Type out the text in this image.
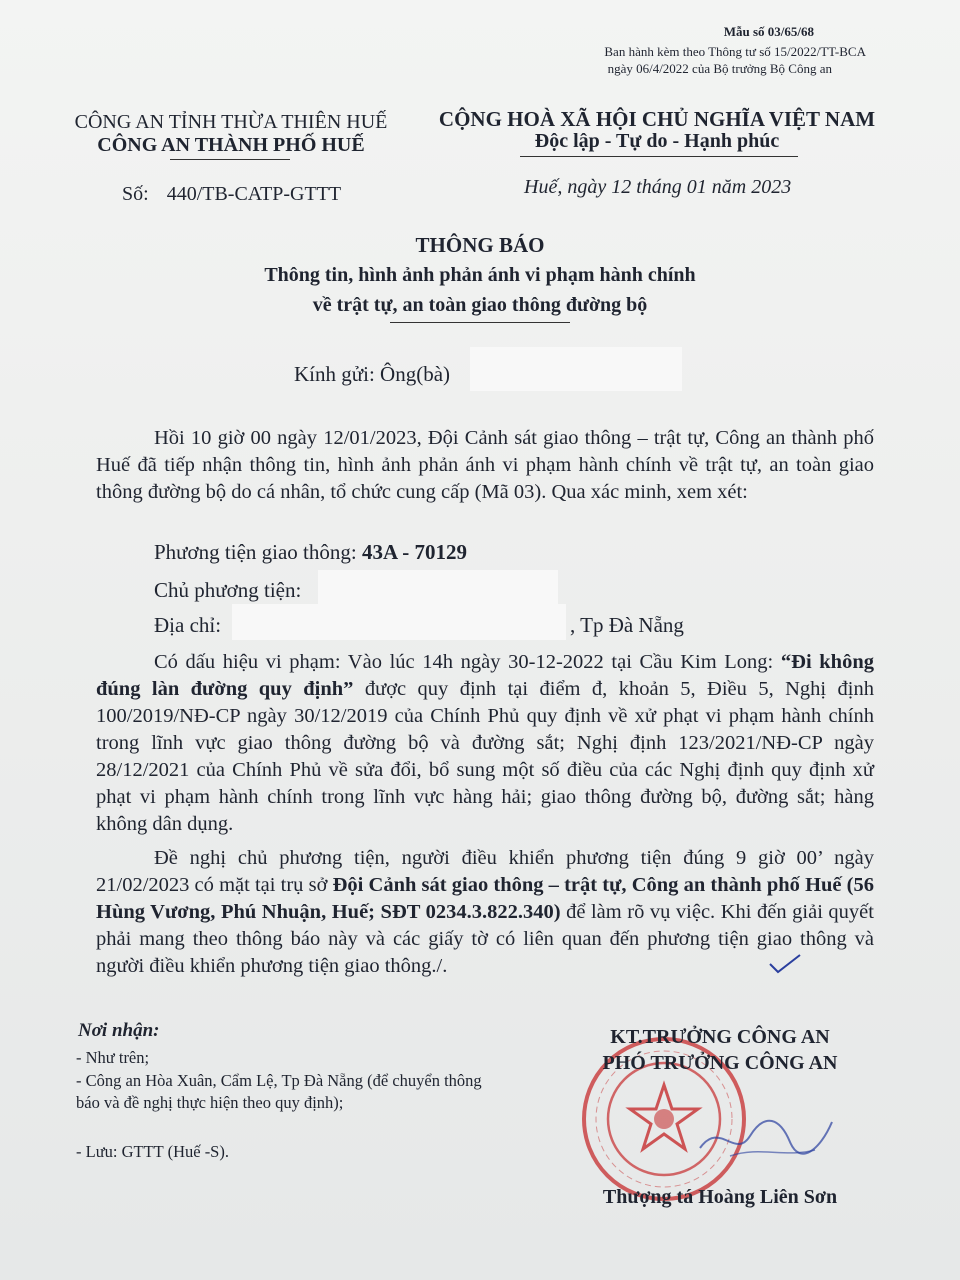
Mẫu số 03/65/68
Ban hành kèm theo Thông tư số 15/2022/TT-BCA
ngày 06/4/2022 của Bộ trưởng Bộ Công an
CÔNG AN TỈNH THỪA THIÊN HUẾ
CÔNG AN THÀNH PHỐ HUẾ
CỘNG HOÀ XÃ HỘI CHỦ NGHĨA VIỆT NAM
Độc lập - Tự do - Hạnh phúc
Số: 440/TB-CATP-GTTT	Huế, ngày 12 tháng 01 năm 2023
THÔNG BÁO
Thông tin, hình ảnh phản ánh vi phạm hành chính
về trật tự, an toàn giao thông đường bộ
Kính gửi: Ông(bà)
Hồi 10 giờ 00 ngày 12/01/2023, Đội Cảnh sát giao thông – trật tự, Công an thành phố Huế đã tiếp nhận thông tin, hình ảnh phản ánh vi phạm hành chính về trật tự, an toàn giao thông đường bộ do cá nhân, tổ chức cung cấp (Mã 03). Qua xác minh, xem xét:
Phương tiện giao thông: 43A - 70129
Chủ phương tiện:
Địa chỉ:	, Tp Đà Nẵng
Có dấu hiệu vi phạm: Vào lúc 14h ngày 30-12-2022 tại Cầu Kim Long: “Đi không đúng làn đường quy định” được quy định tại điểm đ, khoản 5, Điều 5, Nghị định 100/2019/NĐ-CP ngày 30/12/2019 của Chính Phủ quy định về xử phạt vi phạm hành chính trong lĩnh vực giao thông đường bộ và đường sắt; Nghị định 123/2021/NĐ-CP ngày 28/12/2021 của Chính Phủ về sửa đổi, bổ sung một số điều của các Nghị định quy định xử phạt vi phạm hành chính trong lĩnh vực hàng hải; giao thông đường bộ, đường sắt; hàng không dân dụng.
Đề nghị chủ phương tiện, người điều khiển phương tiện đúng 9 giờ 00’ ngày 21/02/2023 có mặt tại trụ sở Đội Cảnh sát giao thông – trật tự, Công an thành phố Huế (56 Hùng Vương, Phú Nhuận, Huế; SĐT 0234.3.822.340) để làm rõ vụ việc. Khi đến giải quyết phải mang theo thông báo này và các giấy tờ có liên quan đến phương tiện giao thông và người điều khiển phương tiện giao thông./.
Nơi nhận:
- Như trên;
- Công an Hòa Xuân, Cẩm Lệ, Tp Đà Nẵng (để chuyển thông báo và đề nghị thực hiện theo quy định);
- Lưu: GTTT (Huế -S).
KT.TRƯỞNG CÔNG AN
PHÓ TRƯỞNG CÔNG AN
Thượng tá Hoàng Liên Sơn
